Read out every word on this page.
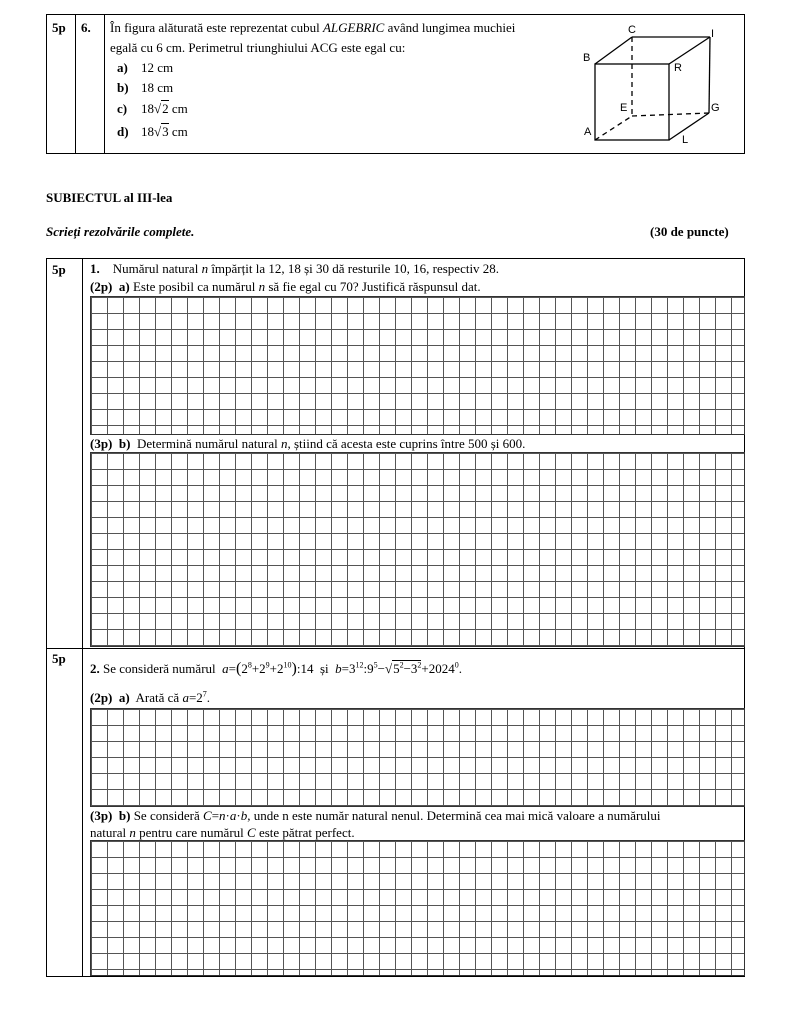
5p 6. În figura alăturată este reprezentat cubul ALGEBRIC având lungimea muchiei
egală cu 6 cm. Perimetrul triunghiului ACG este egal cu:
a) 12 cm
b) 18 cm
c) 18√2 cm
d) 18√3 cm
C	I
B
R
E	G
A
L
SUBIECTUL al III-lea
Scrieți rezolvările complete.	(30 de puncte)
5p 1. Numărul natural n împărțit la 12, 18 și 30 dă resturile 10, 16, respectiv 28.
(2p) a) Este posibil ca numărul n să fie egal cu 70? Justifică răspunsul dat.
(3p) b) Determină numărul natural n, știind că acesta este cuprins între 500 și 600.
5p
2. Se consideră numărul $a=(2^8+2^9+2^{10}):14$ și $b=3^{12}:9^5-√5^2-3^2+2024^0$.
(2p) a) Arată că $a=2^7$.
(3p) b) Se consideră C=n·a·b, unde n este număr natural nenul. Determină cea mai mică valoare a numărului
natural n pentru care numărul C este pătrat perfect.
